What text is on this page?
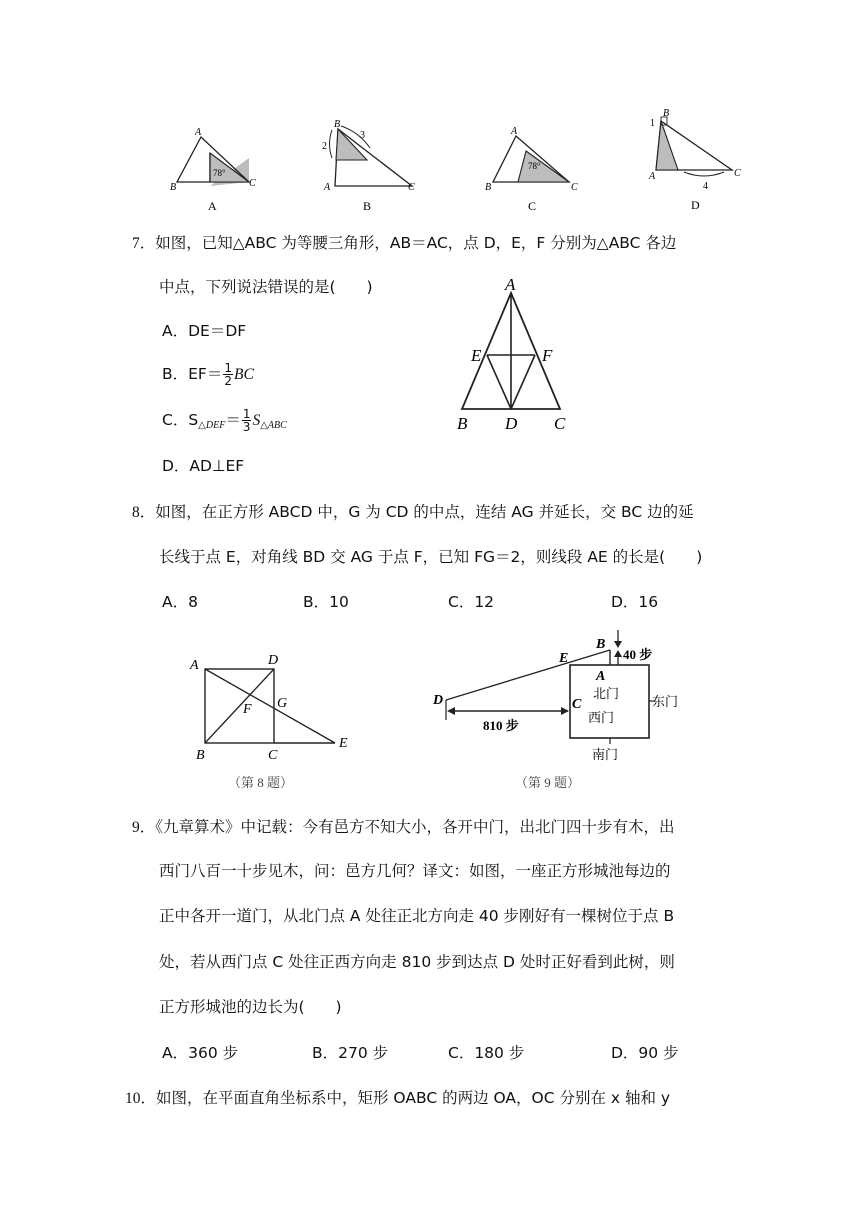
78°
A
B	C
A
2
3
B
A	C
B
78°
A
B	C
C
1
4
B
A	C
D
7．如图，已知△ABC 为等腰三角形，AB＝AC，点 D，E，F 分别为△ABC 各边
中点，下列说法错误的是(　　)
A．DE＝DF
B．$EF= \frac{1}{2}$ BC
C．$S_{\triangle DEF}= \frac{1}{3} S_{\triangle ABC}$
D．AD⊥EF
A
E	F
B D C
8．如图，在正方形 ABCD 中，G 为 CD 的中点，连结 AG 并延长，交 BC 边的延
长线于点 E，对角线 BD 交 AG 于点 F，已知 FG＝2，则线段 AE 的长是(　　)
A．8	B．10	C．12	D．16
A	D
F G
B	C
E
（第 8 题）
B
40 步
E
A
D	C
810 步
北门
西门
东门
南门
（第 9 题）
9．《九章算术》中记载：今有邑方不知大小，各开中门，出北门四十步有木，出
西门八百一十步见木，问：邑方几何？译文：如图，一座正方形城池每边的
正中各开一道门，从北门点 A 处往正北方向走 40 步刚好有一棵树位于点 B
处，若从西门点 C 处往正西方向走 810 步到达点 D 处时正好看到此树，则
正方形城池的边长为(　　)
A．360 步	B．270 步	C．180 步	D．90 步
10．如图，在平面直角坐标系中，矩形 OABC 的两边 OA，OC 分别在 x 轴和 y
